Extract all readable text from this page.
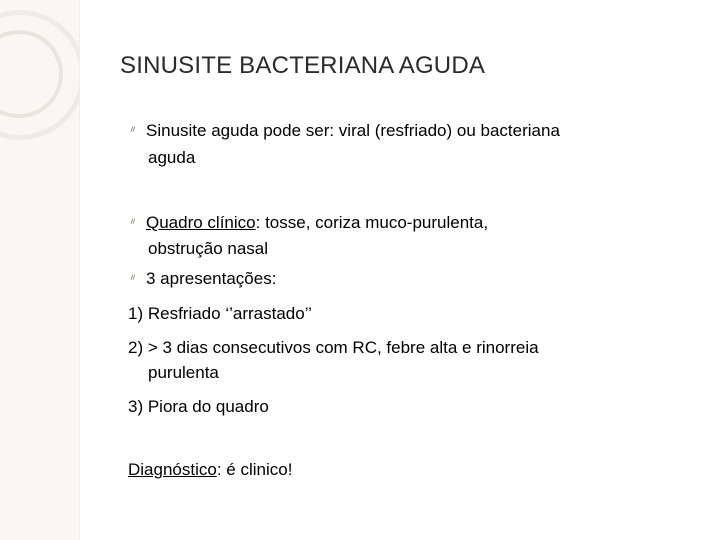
SINUSITE BACTERIANA AGUDA
ᐥ Sinusite aguda pode ser: viral (resfriado) ou bacteriana
aguda
ᐥ Quadro clínico: tosse, coriza muco-purulenta,
obstrução nasal
ᐥ 3 apresentações:
1) Resfriado ‘’arrastado’’
2) > 3 dias consecutivos com RC, febre alta e rinorreia
purulenta
3) Piora do quadro
Diagnóstico: é clinico!
